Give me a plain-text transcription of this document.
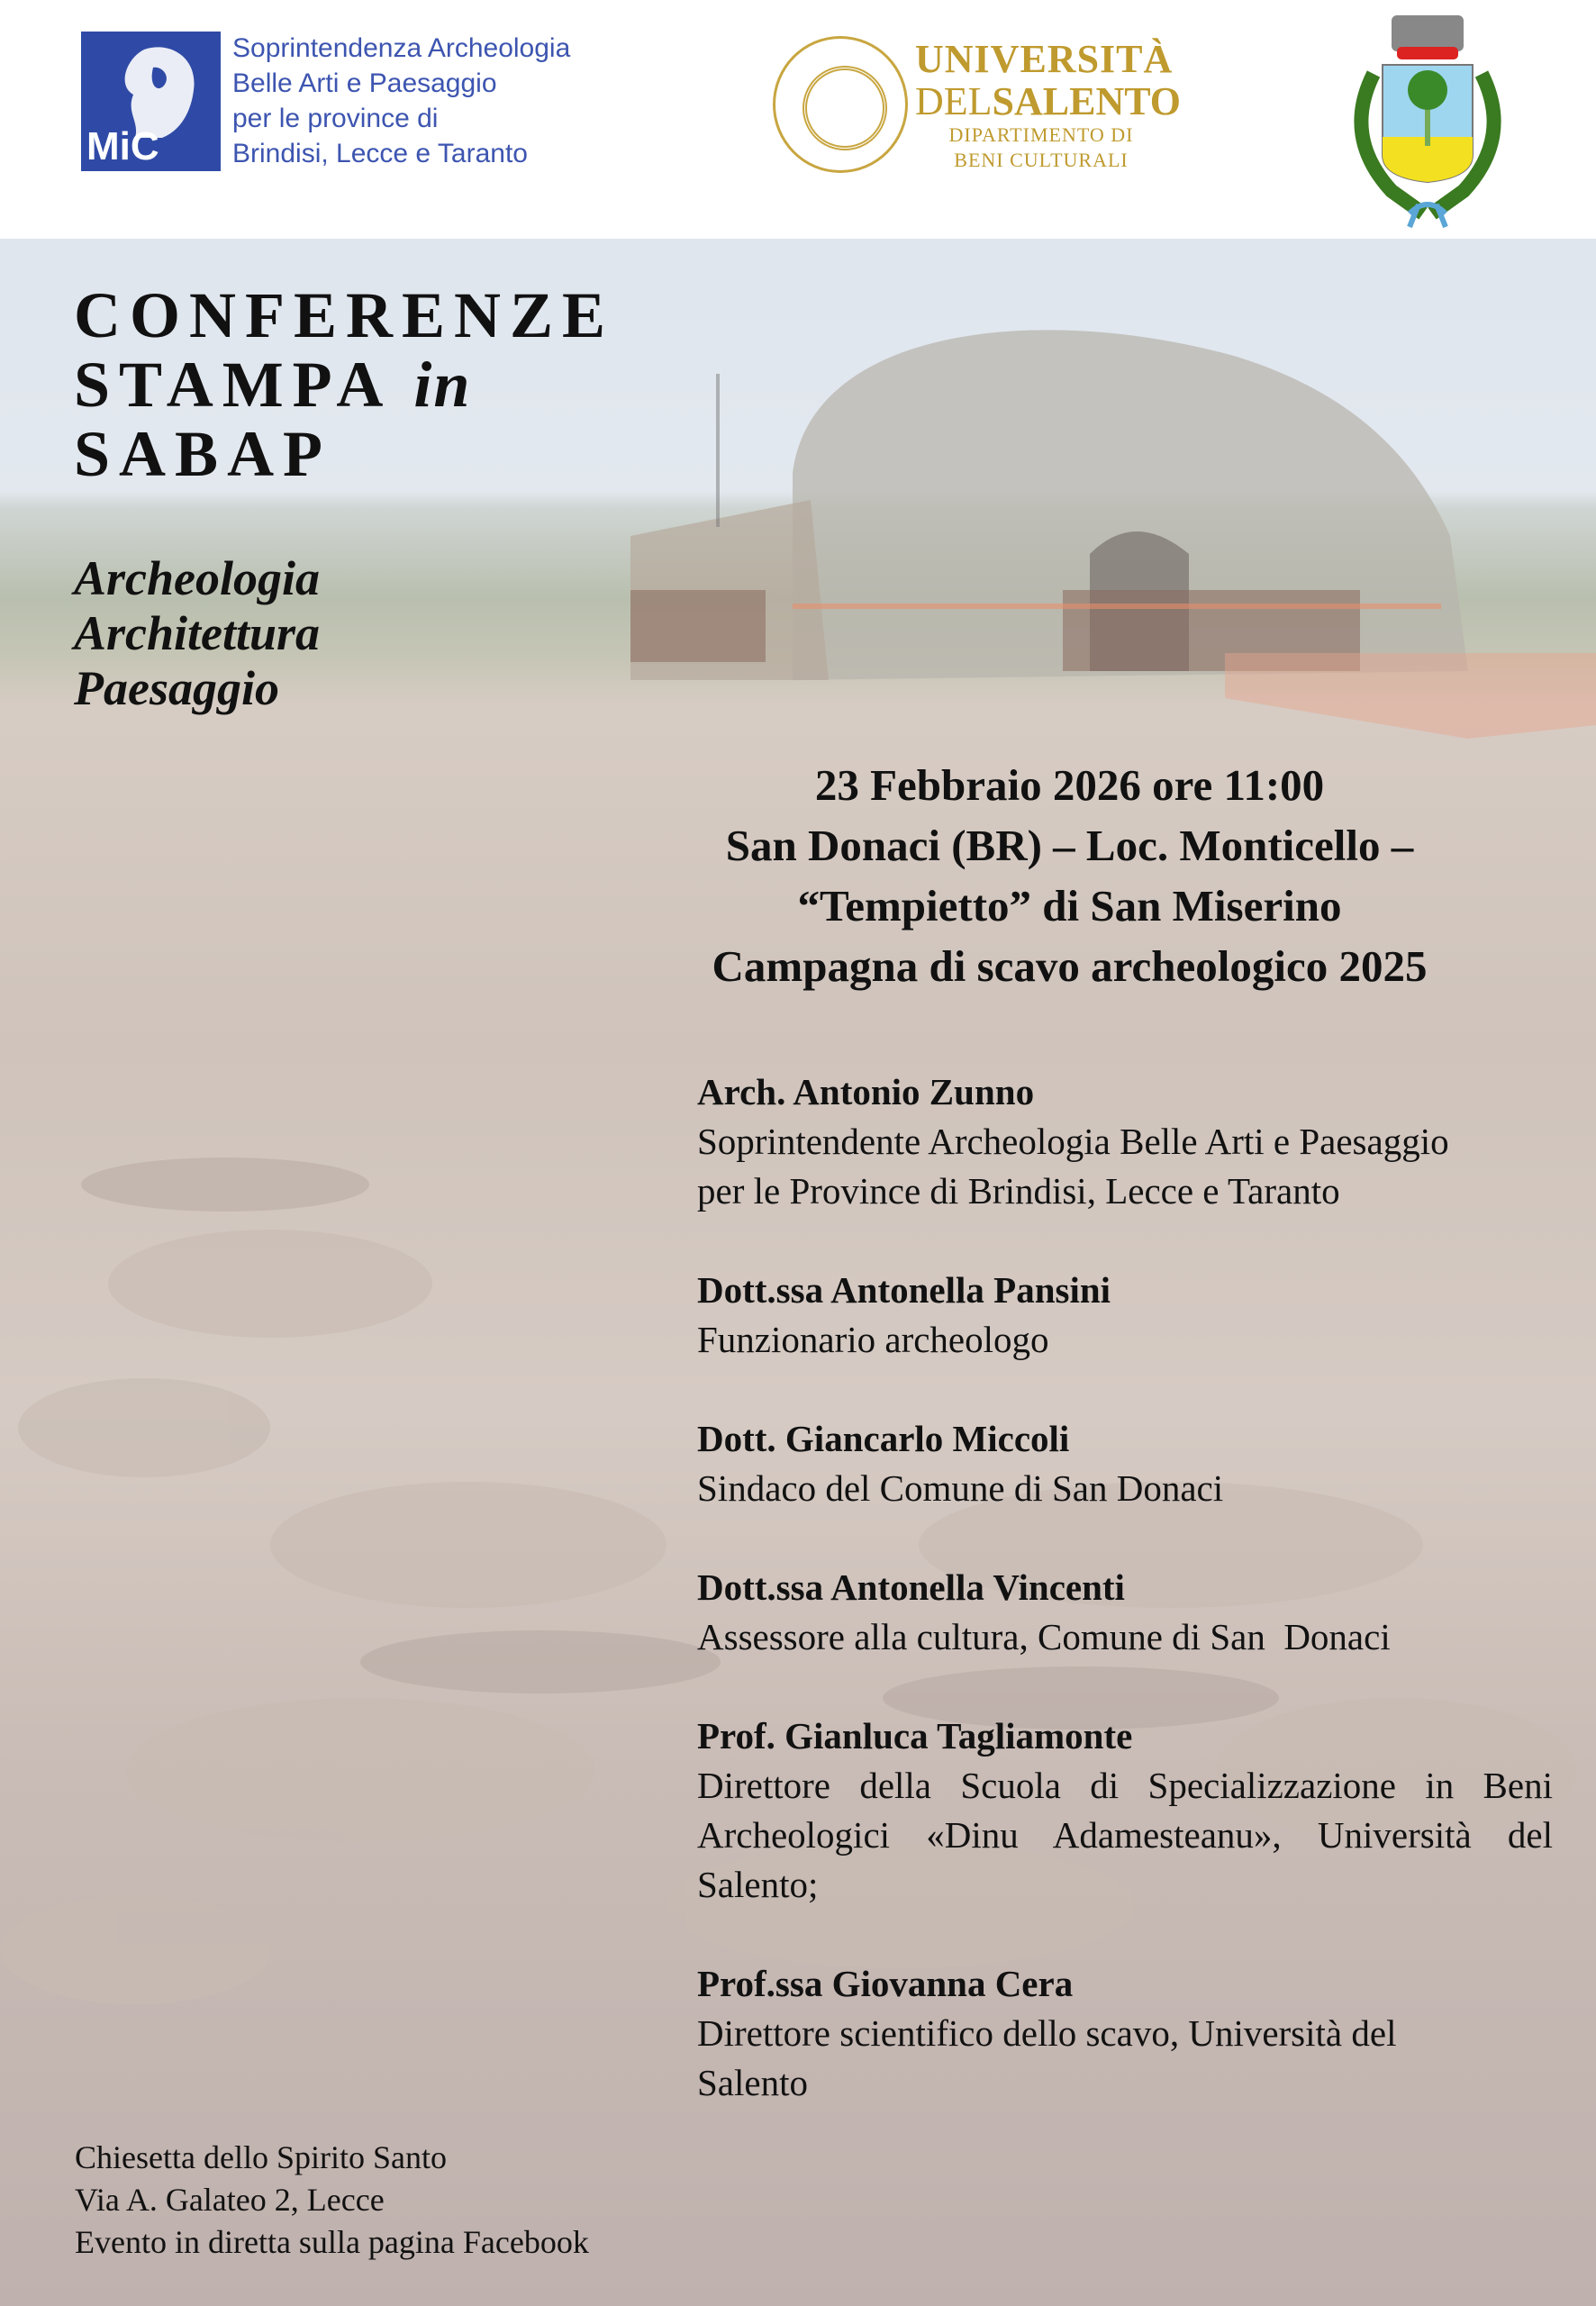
MiC
Soprintendenza Archeologia
Belle Arti e Paesaggio
per le province di
Brindisi, Lecce e Taranto
UNIVERSITÀ
DELSALENTO
DIPARTIMENTO DI
BENI CULTURALI
CONFERENZE
STAMPA in
SABAP
Archeologia
Architettura
Paesaggio
23 Febbraio 2026 ore 11:00
San Donaci (BR) – Loc. Monticello –
“Tempietto” di San Miserino
Campagna di scavo archeologico 2025
Arch. Antonio Zunno
Soprintendente Archeologia Belle Arti e Paesaggio
per le Province di Brindisi, Lecce e Taranto
Dott.ssa Antonella Pansini
Funzionario archeologo
Dott. Giancarlo Miccoli
Sindaco del Comune di San Donaci
Dott.ssa Antonella Vincenti
Assessore alla cultura, Comune di San  Donaci
Prof. Gianluca Tagliamonte
Direttore della Scuola di Specializzazione in Beni Archeologici «Dinu Adamesteanu», Università del Salento;
Prof.ssa Giovanna Cera
Direttore scientifico dello scavo, Università del
Salento
Chiesetta dello Spirito Santo
Via A. Galateo 2, Lecce
Evento in diretta sulla pagina Facebook
